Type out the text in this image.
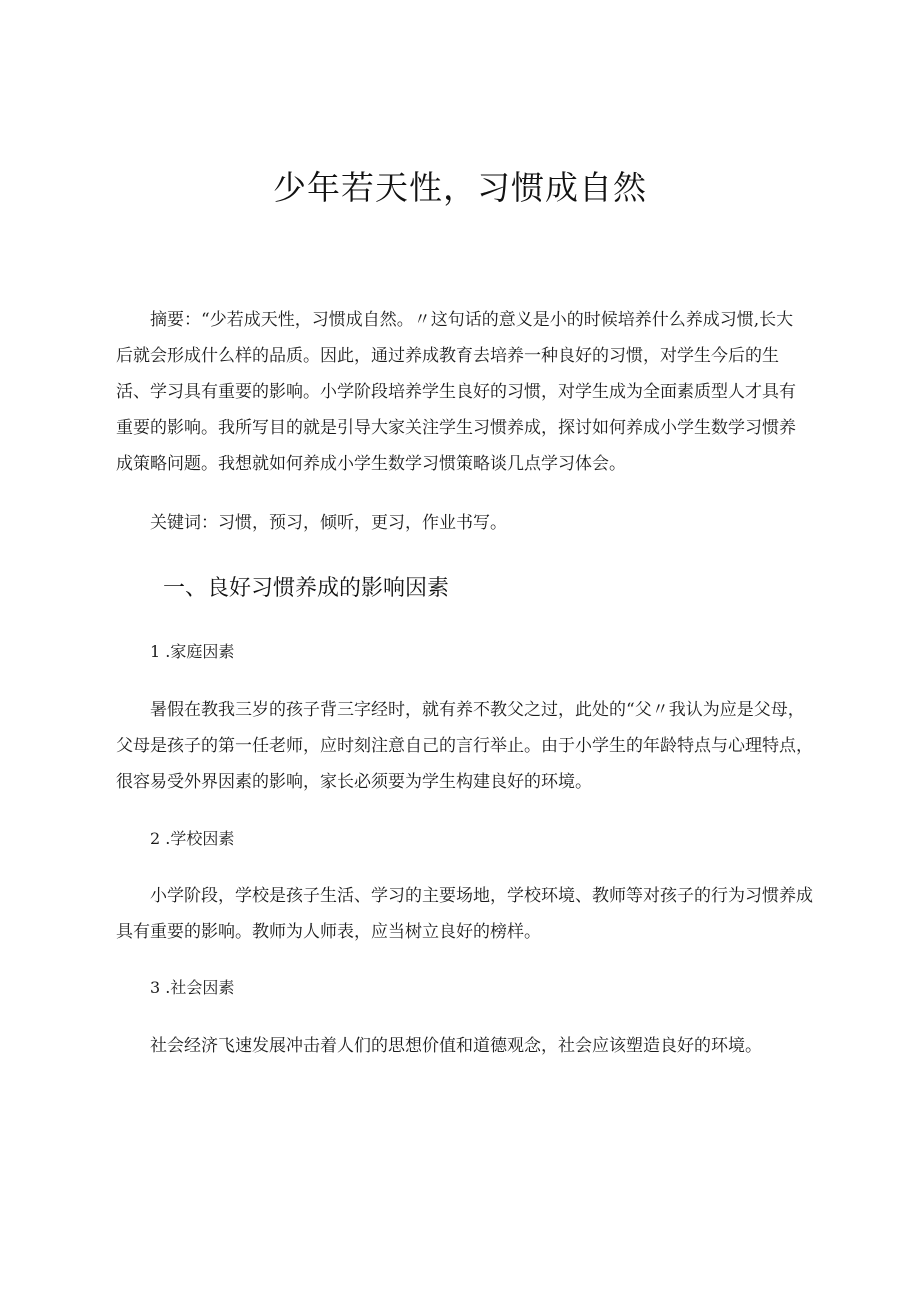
少年若天性，习惯成自然
摘要：“少若成天性，习惯成自然。〃这句话的意义是小的时候培养什么养成习惯,长大
后就会形成什么样的品质。因此，通过养成教育去培养一种良好的习惯，对学生今后的生
活、学习具有重要的影响。小学阶段培养学生良好的习惯，对学生成为全面素质型人才具有
重要的影响。我所写目的就是引导大家关注学生习惯养成，探讨如何养成小学生数学习惯养
成策略问题。我想就如何养成小学生数学习惯策略谈几点学习体会。
关键词：习惯，预习，倾听，更习，作业书写。
一、良好习惯养成的影响因素
1 .家庭因素
暑假在教我三岁的孩子背三字经时，就有养不教父之过，此处的“父〃我认为应是父母，
父母是孩子的第一任老师，应时刻注意自己的言行举止。由于小学生的年龄特点与心理特点，
很容易受外界因素的影响，家长必须要为学生构建良好的环境。
2 .学校因素
小学阶段，学校是孩子生活、学习的主要场地，学校环境、教师等对孩子的行为习惯养成
具有重要的影响。教师为人师表，应当树立良好的榜样。
3 .社会因素
社会经济飞速发展冲击着人们的思想价值和道德观念，社会应该塑造良好的环境。
